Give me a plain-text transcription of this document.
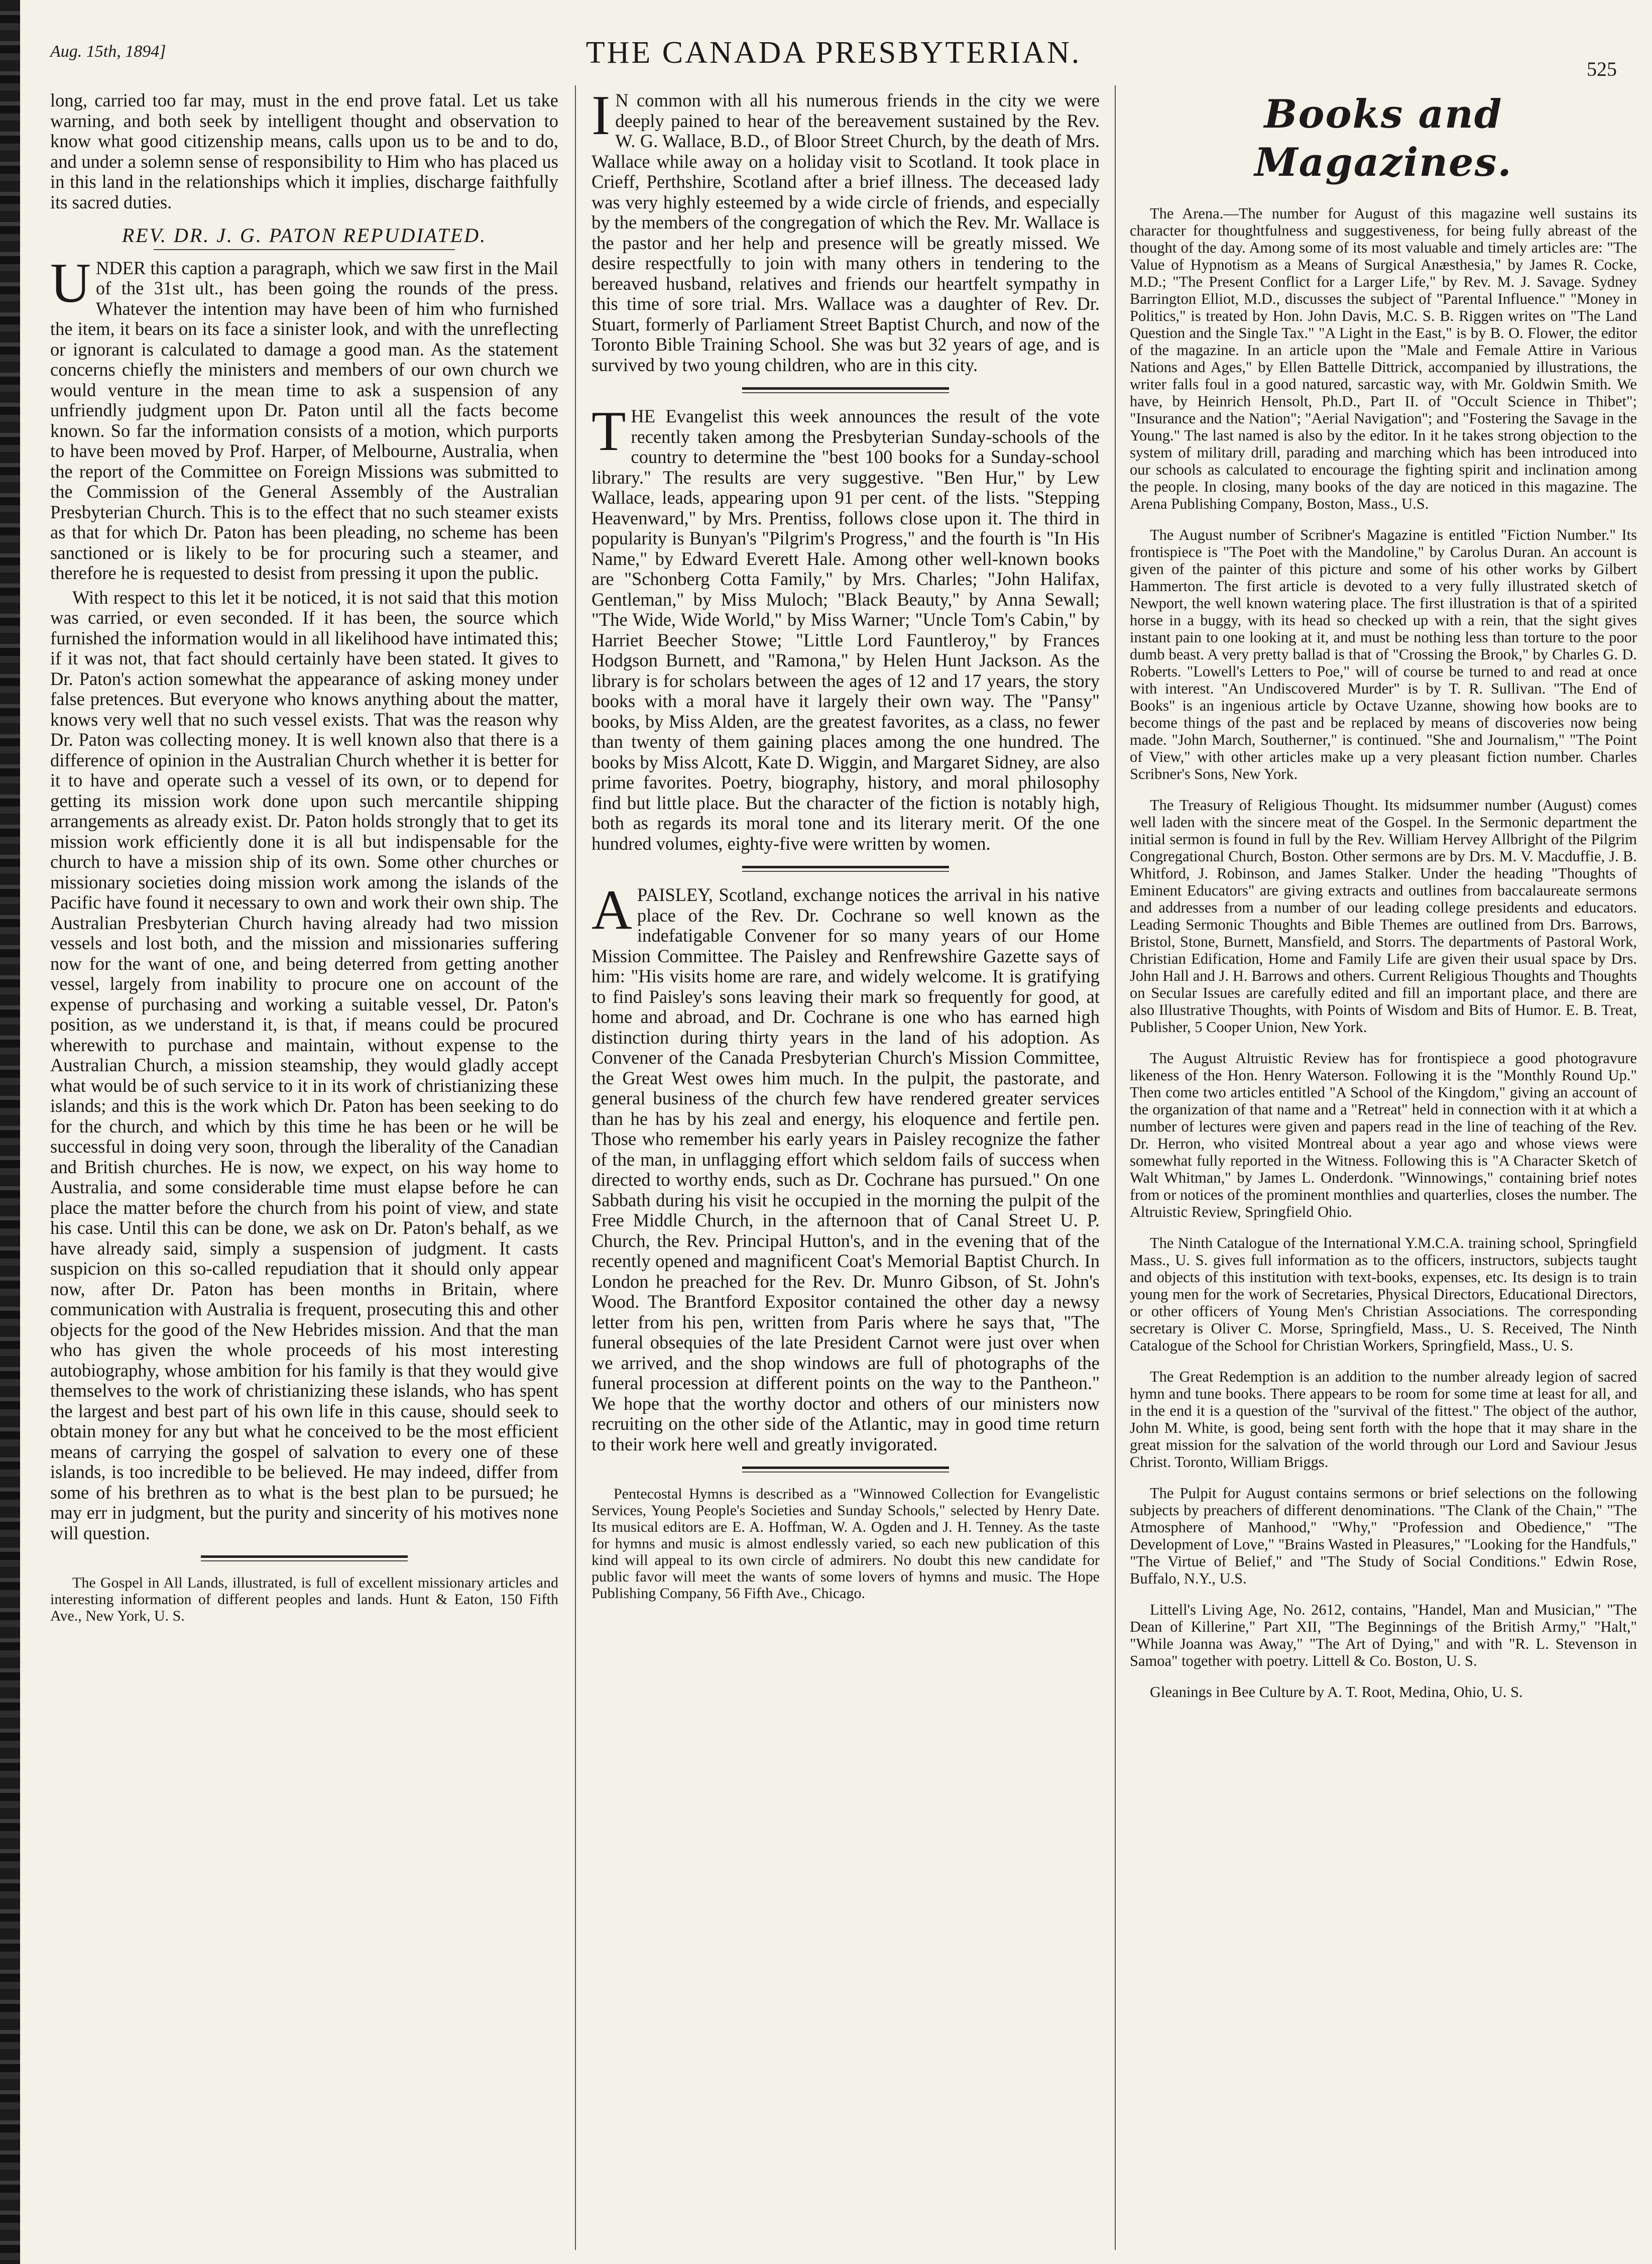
Aug. 15th, 1894]	THE CANADA PRESBYTERIAN.	525

long, carried too far may, must in the end prove fatal. Let us take warning, and both seek by intelligent thought and observation to know what good citizenship means, calls upon us to be and to do, and under a solemn sense of responsibility to Him who has placed us in this land in the relationships which it implies, discharge faithfully its sacred duties.

REV. DR. J. G. PATON REPUDIATED.

UNDER this caption a paragraph, which we saw first in the Mail of the 31st ult., has been going the rounds of the press. Whatever the intention may have been of him who furnished the item, it bears on its face a sinister look, and with the unreflecting or ignorant is calculated to damage a good man. As the statement concerns chiefly the ministers and members of our own church we would venture in the mean time to ask a suspension of any unfriendly judgment upon Dr. Paton until all the facts become known. So far the information consists of a motion, which purports to have been moved by Prof. Harper, of Melbourne, Australia, when the report of the Committee on Foreign Missions was submitted to the Commission of the General Assembly of the Australian Presbyterian Church. This is to the effect that no such steamer exists as that for which Dr. Paton has been pleading, no scheme has been sanctioned or is likely to be for procuring such a steamer, and therefore he is requested to desist from pressing it upon the public.

With respect to this let it be noticed, it is not said that this motion was carried, or even seconded. If it has been, the source which furnished the information would in all likelihood have intimated this; if it was not, that fact should certainly have been stated. It gives to Dr. Paton's action somewhat the appearance of asking money under false pretences. But everyone who knows anything about the matter, knows very well that no such vessel exists. That was the reason why Dr. Paton was collecting money. It is well known also that there is a difference of opinion in the Australian Church whether it is better for it to have and operate such a vessel of its own, or to depend for getting its mission work done upon such mercantile shipping arrangements as already exist. Dr. Paton holds strongly that to get its mission work efficiently done it is all but indispensable for the church to have a mission ship of its own. Some other churches or missionary societies doing mission work among the islands of the Pacific have found it necessary to own and work their own ship. The Australian Presbyterian Church having already had two mission vessels and lost both, and the mission and missionaries suffering now for the want of one, and being deterred from getting another vessel, largely from inability to procure one on account of the expense of purchasing and working a suitable vessel, Dr. Paton's position, as we understand it, is that, if means could be procured wherewith to purchase and maintain, without expense to the Australian Church, a mission steamship, they would gladly accept what would be of such service to it in its work of christianizing these islands; and this is the work which Dr. Paton has been seeking to do for the church, and which by this time he has been or he will be successful in doing very soon, through the liberality of the Canadian and British churches. He is now, we expect, on his way home to Australia, and some considerable time must elapse before he can place the matter before the church from his point of view, and state his case. Until this can be done, we ask on Dr. Paton's behalf, as we have already said, simply a suspension of judgment. It casts suspicion on this so-called repudiation that it should only appear now, after Dr. Paton has been months in Britain, where communication with Australia is frequent, prosecuting this and other objects for the good of the New Hebrides mission. And that the man who has given the whole proceeds of his most interesting autobiography, whose ambition for his family is that they would give themselves to the work of christianizing these islands, who has spent the largest and best part of his own life in this cause, should seek to obtain money for any but what he conceived to be the most efficient means of carrying the gospel of salvation to every one of these islands, is too incredible to be believed. He may indeed, differ from some of his brethren as to what is the best plan to be pursued; he may err in judgment, but the purity and sincerity of his motives none will question.

The Gospel in All Lands, illustrated, is full of excellent missionary articles and interesting information of different peoples and lands. Hunt & Eaton, 150 Fifth Ave., New York, U. S.

I N common with all his numerous friends in the city we were deeply pained to hear of the bereavement sustained by the Rev. W. G. Wallace, B.D., of Bloor Street Church, by the death of Mrs. Wallace while away on a holiday visit to Scotland. It took place in Crieff, Perthshire, Scotland after a brief illness. The deceased lady was very highly esteemed by a wide circle of friends, and especially by the members of the congregation of which the Rev. Mr. Wallace is the pastor and her help and presence will be greatly missed. We desire respectfully to join with many others in tendering to the bereaved husband, relatives and friends our heartfelt sympathy in this time of sore trial. Mrs. Wallace was a daughter of Rev. Dr. Stuart, formerly of Parliament Street Baptist Church, and now of the Toronto Bible Training School. She was but 32 years of age, and is survived by two young children, who are in this city.

THE Evangelist this week announces the result of the vote recently taken among the Presbyterian Sunday-schools of the country to determine the "best 100 books for a Sunday-school library." The results are very suggestive. "Ben Hur," by Lew Wallace, leads, appearing upon 91 per cent. of the lists. "Stepping Heavenward," by Mrs. Prentiss, follows close upon it. The third in popularity is Bunyan's "Pilgrim's Progress," and the fourth is "In His Name," by Edward Everett Hale. Among other well-known books are "Schonberg Cotta Family," by Mrs. Charles; "John Halifax, Gentleman," by Miss Muloch; "Black Beauty," by Anna Sewall; "The Wide, Wide World," by Miss Warner; "Uncle Tom's Cabin," by Harriet Beecher Stowe; "Little Lord Fauntleroy," by Frances Hodgson Burnett, and "Ramona," by Helen Hunt Jackson. As the library is for scholars between the ages of 12 and 17 years, the story books with a moral have it largely their own way. The "Pansy" books, by Miss Alden, are the greatest favorites, as a class, no fewer than twenty of them gaining places among the one hundred. The books by Miss Alcott, Kate D. Wiggin, and Margaret Sidney, are also prime favorites. Poetry, biography, history, and moral philosophy find but little place. But the character of the fiction is notably high, both as regards its moral tone and its literary merit. Of the one hundred volumes, eighty-five were written by women.

APAISLEY, Scotland, exchange notices the arrival in his native place of the Rev. Dr. Cochrane so well known as the indefatigable Convener for so many years of our Home Mission Committee. The Paisley and Renfrewshire Gazette says of him: "His visits home are rare, and widely welcome. It is gratifying to find Paisley's sons leaving their mark so frequently for good, at home and abroad, and Dr. Cochrane is one who has earned high distinction during thirty years in the land of his adoption. As Convener of the Canada Presbyterian Church's Mission Committee, the Great West owes him much. In the pulpit, the pastorate, and general business of the church few have rendered greater services than he has by his zeal and energy, his eloquence and fertile pen. Those who remember his early years in Paisley recognize the father of the man, in unflagging effort which seldom fails of success when directed to worthy ends, such as Dr. Cochrane has pursued." On one Sabbath during his visit he occupied in the morning the pulpit of the Free Middle Church, in the afternoon that of Canal Street U. P. Church, the Rev. Principal Hutton's, and in the evening that of the recently opened and magnificent Coat's Memorial Baptist Church. In London he preached for the Rev. Dr. Munro Gibson, of St. John's Wood. The Brantford Expositor contained the other day a newsy letter from his pen, written from Paris where he says that, "The funeral obsequies of the late President Carnot were just over when we arrived, and the shop windows are full of photographs of the funeral procession at different points on the way to the Pantheon." We hope that the worthy doctor and others of our ministers now recruiting on the other side of the Atlantic, may in good time return to their work here well and greatly invigorated.

Pentecostal Hymns is described as a "Winnowed Collection for Evangelistic Services, Young People's Societies and Sunday Schools," selected by Henry Date. Its musical editors are E. A. Hoffman, W. A. Ogden and J. H. Tenney. As the taste for hymns and music is almost endlessly varied, so each new publication of this kind will appeal to its own circle of admirers. No doubt this new candidate for public favor will meet the wants of some lovers of hymns and music. The Hope Publishing Company, 56 Fifth Ave., Chicago.

Books and Magazines.

The Arena.—The number for August of this magazine well sustains its character for thoughtfulness and suggestiveness, for being fully abreast of the thought of the day. Among some of its most valuable and timely articles are: "The Value of Hypnotism as a Means of Surgical Anæsthesia," by James R. Cocke, M.D.; "The Present Conflict for a Larger Life," by Rev. M. J. Savage. Sydney Barrington Elliot, M.D., discusses the subject of "Parental Influence." "Money in Politics," is treated by Hon. John Davis, M.C. S. B. Riggen writes on "The Land Question and the Single Tax." "A Light in the East," is by B. O. Flower, the editor of the magazine. In an article upon the "Male and Female Attire in Various Nations and Ages," by Ellen Battelle Dittrick, accompanied by illustrations, the writer falls foul in a good natured, sarcastic way, with Mr. Goldwin Smith. We have, by Heinrich Hensolt, Ph.D., Part II. of "Occult Science in Thibet"; "Insurance and the Nation"; "Aerial Navigation"; and "Fostering the Savage in the Young." The last named is also by the editor. In it he takes strong objection to the system of military drill, parading and marching which has been introduced into our schools as calculated to encourage the fighting spirit and inclination among the people. In closing, many books of the day are noticed in this magazine. The Arena Publishing Company, Boston, Mass., U.S.

The August number of Scribner's Magazine is entitled "Fiction Number." Its frontispiece is "The Poet with the Mandoline," by Carolus Duran. An account is given of the painter of this picture and some of his other works by Gilbert Hammerton. The first article is devoted to a very fully illustrated sketch of Newport, the well known watering place. The first illustration is that of a spirited horse in a buggy, with its head so checked up with a rein, that the sight gives instant pain to one looking at it, and must be nothing less than torture to the poor dumb beast. A very pretty ballad is that of "Crossing the Brook," by Charles G. D. Roberts. "Lowell's Letters to Poe," will of course be turned to and read at once with interest. "An Undiscovered Murder" is by T. R. Sullivan. "The End of Books" is an ingenious article by Octave Uzanne, showing how books are to become things of the past and be replaced by means of discoveries now being made. "John March, Southerner," is continued. "She and Journalism," "The Point of View," with other articles make up a very pleasant fiction number. Charles Scribner's Sons, New York.

The Treasury of Religious Thought. Its midsummer number (August) comes well laden with the sincere meat of the Gospel. In the Sermonic department the initial sermon is found in full by the Rev. William Hervey Allbright of the Pilgrim Congregational Church, Boston. Other sermons are by Drs. M. V. Macduffie, J. B. Whitford, J. Robinson, and James Stalker. Under the heading "Thoughts of Eminent Educators" are giving extracts and outlines from baccalaureate sermons and addresses from a number of our leading college presidents and educators. Leading Sermonic Thoughts and Bible Themes are outlined from Drs. Barrows, Bristol, Stone, Burnett, Mansfield, and Storrs. The departments of Pastoral Work, Christian Edification, Home and Family Life are given their usual space by Drs. John Hall and J. H. Barrows and others. Current Religious Thoughts and Thoughts on Secular Issues are carefully edited and fill an important place, and there are also Illustrative Thoughts, with Points of Wisdom and Bits of Humor. E. B. Treat, Publisher, 5 Cooper Union, New York.

The August Altruistic Review has for frontispiece a good photogravure likeness of the Hon. Henry Waterson. Following it is the "Monthly Round Up." Then come two articles entitled "A School of the Kingdom," giving an account of the organization of that name and a "Retreat" held in connection with it at which a number of lectures were given and papers read in the line of teaching of the Rev. Dr. Herron, who visited Montreal about a year ago and whose views were somewhat fully reported in the Witness. Following this is "A Character Sketch of Walt Whitman," by James L. Onderdonk. "Winnowings," containing brief notes from or notices of the prominent monthlies and quarterlies, closes the number. The Altruistic Review, Springfield Ohio.

The Ninth Catalogue of the International Y.M.C.A. training school, Springfield Mass., U. S. gives full information as to the officers, instructors, subjects taught and objects of this institution with text-books, expenses, etc. Its design is to train young men for the work of Secretaries, Physical Directors, Educational Directors, or other officers of Young Men's Christian Associations. The corresponding secretary is Oliver C. Morse, Springfield, Mass., U. S. Received, The Ninth Catalogue of the School for Christian Workers, Springfield, Mass., U. S.

The Great Redemption is an addition to the number already legion of sacred hymn and tune books. There appears to be room for some time at least for all, and in the end it is a question of the "survival of the fittest." The object of the author, John M. White, is good, being sent forth with the hope that it may share in the great mission for the salvation of the world through our Lord and Saviour Jesus Christ. Toronto, William Briggs.

The Pulpit for August contains sermons or brief selections on the following subjects by preachers of different denominations. "The Clank of the Chain," "The Atmosphere of Manhood," "Why," "Profession and Obedience," "The Development of Love," "Brains Wasted in Pleasures," "Looking for the Handfuls," "The Virtue of Belief," and "The Study of Social Conditions." Edwin Rose, Buffalo, N.Y., U.S.

Littell's Living Age, No. 2612, contains, "Handel, Man and Musician," "The Dean of Killerine," Part XII, "The Beginnings of the British Army," "Halt," "While Joanna was Away," "The Art of Dying," and with "R. L. Stevenson in Samoa" together with poetry. Littell & Co. Boston, U. S.

Gleanings in Bee Culture by A. T. Root, Medina, Ohio, U. S.
